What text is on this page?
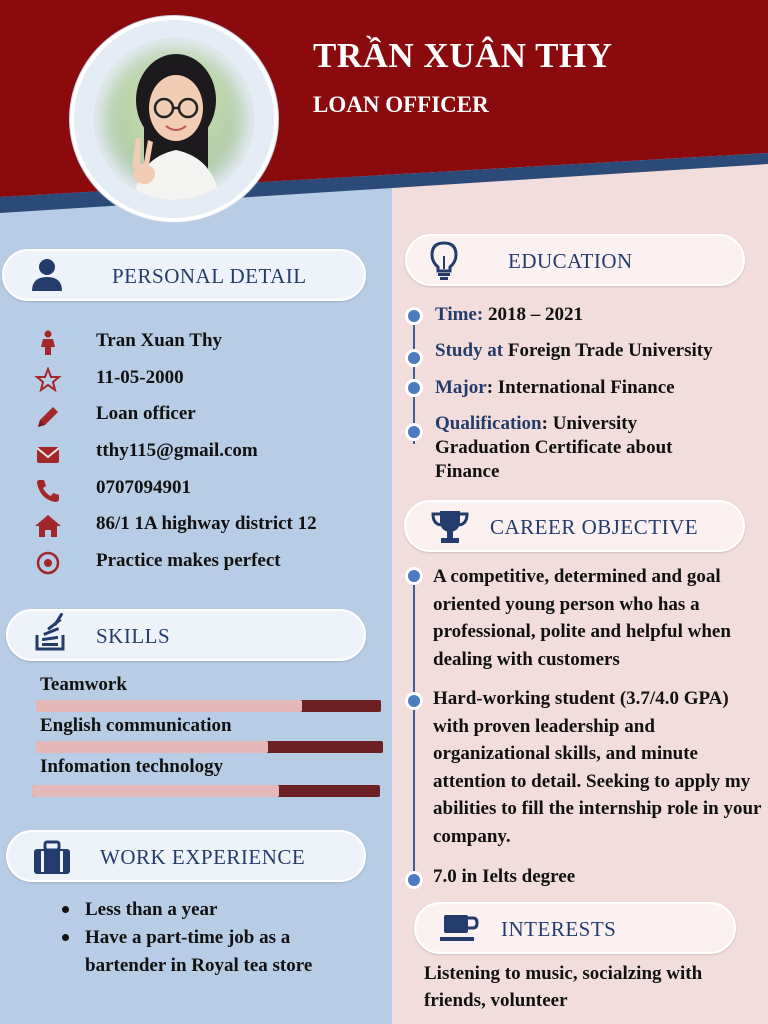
TRẦN XUÂN THY
LOAN OFFICER
PERSONAL DETAIL
Tran Xuan Thy
11-05-2000
Loan officer
tthy115@gmail.com
0707094901
86/1 1A highway district 12
Practice makes perfect
SKILLS
Teamwork
English communication
Infomation technology
WORK EXPERIENCE
Less than a year
Have a part-time job as a bartender in Royal tea store
EDUCATION
Time: 2018 – 2021
Study at Foreign Trade University
Major: International Finance
Qualification: University Graduation Certificate about Finance
CAREER OBJECTIVE
A competitive, determined and goal oriented young person who has a professional, polite and helpful when dealing with customers
Hard-working student (3.7/4.0 GPA) with proven leadership and organizational skills, and minute attention to detail. Seeking to apply my abilities to fill the internship role in your company.
7.0 in Ielts degree
INTERESTS
Listening to music, socialzing with friends, volunteer
